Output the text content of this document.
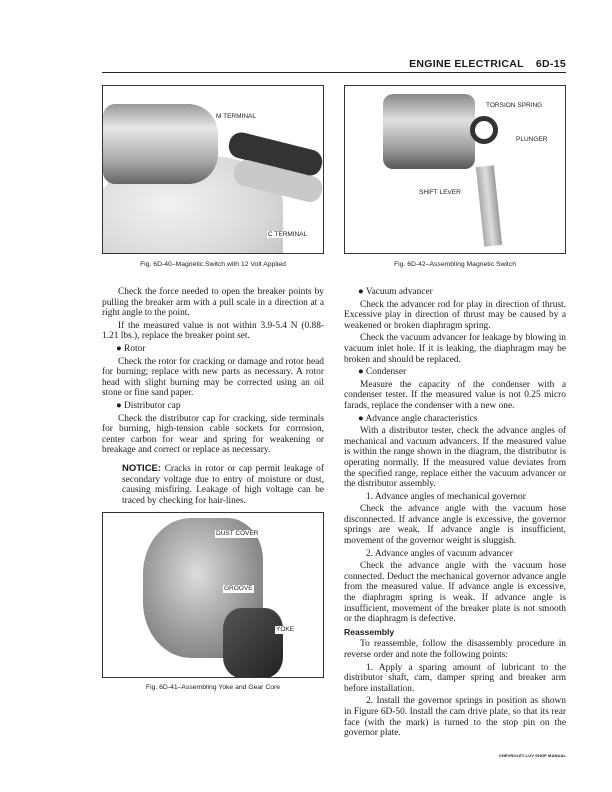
ENGINE ELECTRICAL 6D-15
M TERMINAL
C TERMINAL
Fig. 6D-40–Magnetic Switch with 12 Volt Applied
TORSION SPRING
PLUNGER
SHIFT LEVER
Fig. 6D-42–Assembling Magnetic Switch

Check the force needed to open the breaker points by pulling the breaker arm with a pull scale in a direction at a right angle to the point.

If the measured value is not within 3.9-5.4 N (0.88-1.21 lbs.), replace the breaker point set.

● Rotor

Check the rotor for cracking or damage and rotor head for burning; replace with new parts as necessary. A rotor head with slight burning may be corrected using an oil stone or fine sand paper.

● Distributor cap

Check the distributor cap for cracking, side terminals for burning, high-tension cable sockets for corrosion, center carbon for wear and spring for weakening or breakage and correct or replace as necessary.

NOTICE: Cracks in rotor or cap permit leakage of secondary voltage due to entry of moisture or dust, causing misfiring. Leakage of high voltage can be traced by checking for hair-lines.

DUST COVER
GROOVE
YOKE
Fig. 6D-41–Assembling Yoke and Gear Core

● Vacuum advancer

Check the advancer rod for play in direction of thrust. Excessive play in direction of thrust may be caused by a weakened or broken diaphragm spring.

Check the vacuum advancer for leakage by blowing in vacuum inlet hole. If it is leaking, the diaphragm may be broken and should be replaced.

● Condenser

Measure the capacity of the condenser with a condenser tester. If the measured value is not 0.25 micro farads, replace the condenser with a new one.

● Advance angle characteristics

With a distributor tester, check the advance angles of mechanical and vacuum advancers. If the measured value is within the range shown in the diagram, the distributor is operating normally. If the measured value deviates from the specified range, replace either the vacuum advancer or the distributor assembly.

1. Advance angles of mechanical governor

Check the advance angle with the vacuum hose disconnected. If advance angle is excessive, the governor springs are weak. If advance angle is insufficient, movement of the governor weight is sluggish.

2. Advance angles of vacuum advancer

Check the advance angle with the vacuum hose connected. Deduct the mechanical governor advance angle from the measured value. If advance angle is excessive, the diaphragm spring is weak. If advance angle is insufficient, movement of the breaker plate is not smooth or the diaphragm is defective.

Reassembly

To reassemble, follow the disassembly procedure in reverse order and note the following points:

1. Apply a sparing amount of lubricant to the distributor shaft, cam, damper spring and breaker arm before installation.

2. Install the governor springs in position as shown in Figure 6D-50. Install the cam drive plate, so that its rear face (with the mark) is turned to the stop pin on the governor plate.

CHEVROLET-LUV SHOP MANUAL
